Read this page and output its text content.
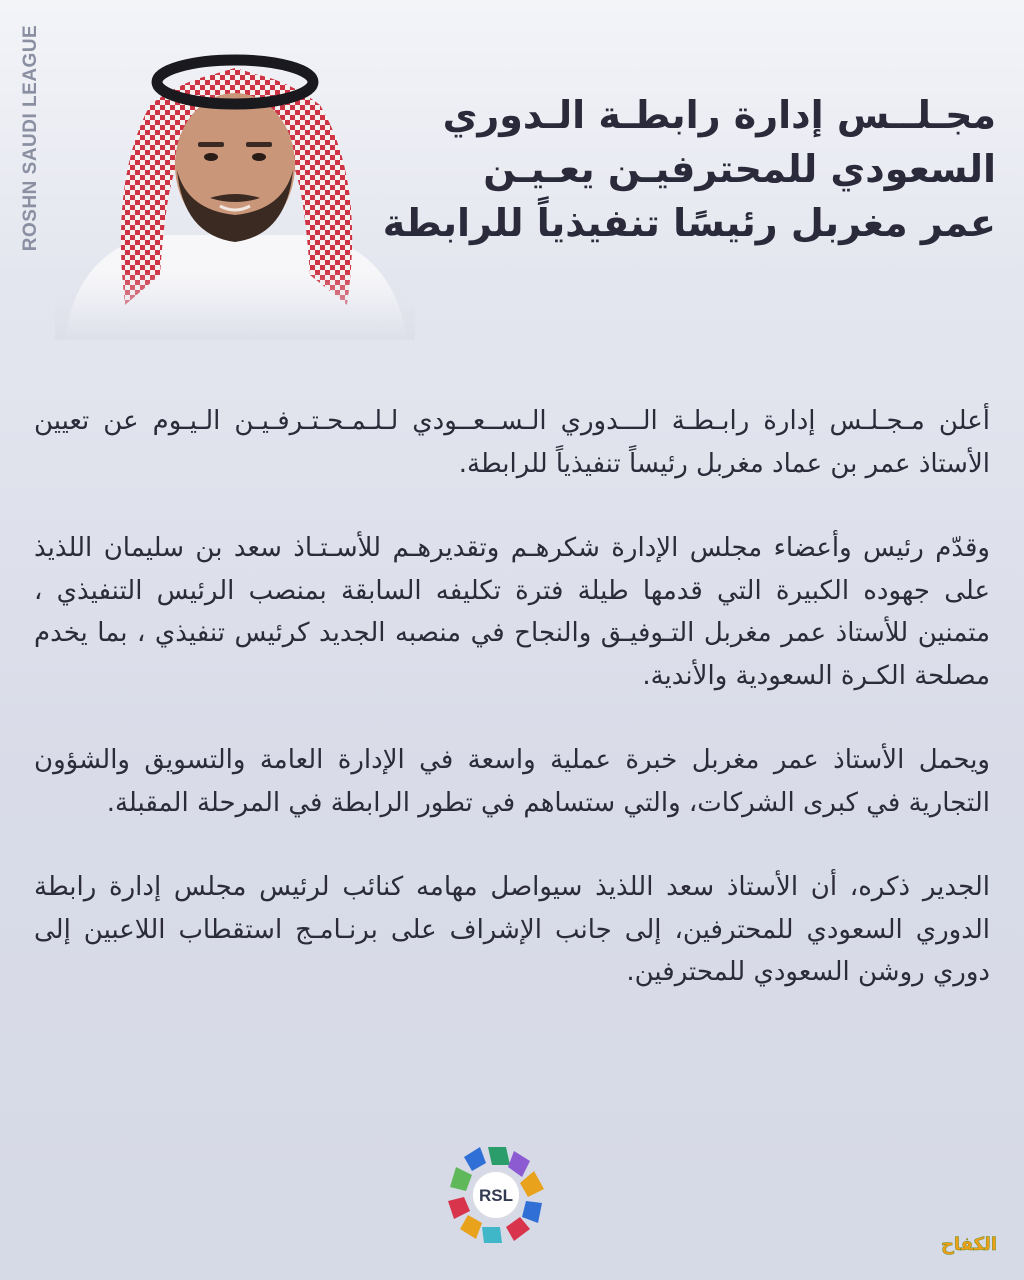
ROSHN SAUDI LEAGUE	مجـلــس إدارة رابطـة الـدوري
السعودي للمحترفيـن يعـيـن
عمر مغربل رئيسًا تنفيذياً للرابطة

أعلن مـجـلـس إدارة رابـطـة الـــدوري الـســعــودي لـلـمـحـتـرفـيـن الـيـوم عن تعيين الأستاذ عمر بن عماد مغربل رئيساً تنفيذياً للرابطة.

وقدّم رئيس وأعضاء مجلس الإدارة شكرهـم وتقديرهـم للأسـتـاذ سعد بن سليمان اللذيذ على جهوده الكبيرة التي قدمها طيلة فترة تكليفه السابقة بمنصب الرئيس التنفيذي ، متمنين للأستاذ عمر مغربل التـوفيـق والنجاح في منصبه الجديد كرئيس تنفيذي ، بما يخدم مصلحة الكـرة السعودية والأندية.

ويحمل الأستاذ عمر مغربل خبرة عملية واسعة في الإدارة العامة والتسويق والشؤون التجارية في كبرى الشركات، والتي ستساهم في تطور الرابطة في المرحلة المقبلة.

الجدير ذكره، أن الأستاذ سعد اللذيذ سيواصل مهامه كنائب لرئيس مجلس إدارة رابطة الدوري السعودي للمحترفين، إلى جانب الإشراف على برنـامـج استقطاب اللاعبين إلى دوري روشن السعودي للمحترفين.

RSL
الكفاح
